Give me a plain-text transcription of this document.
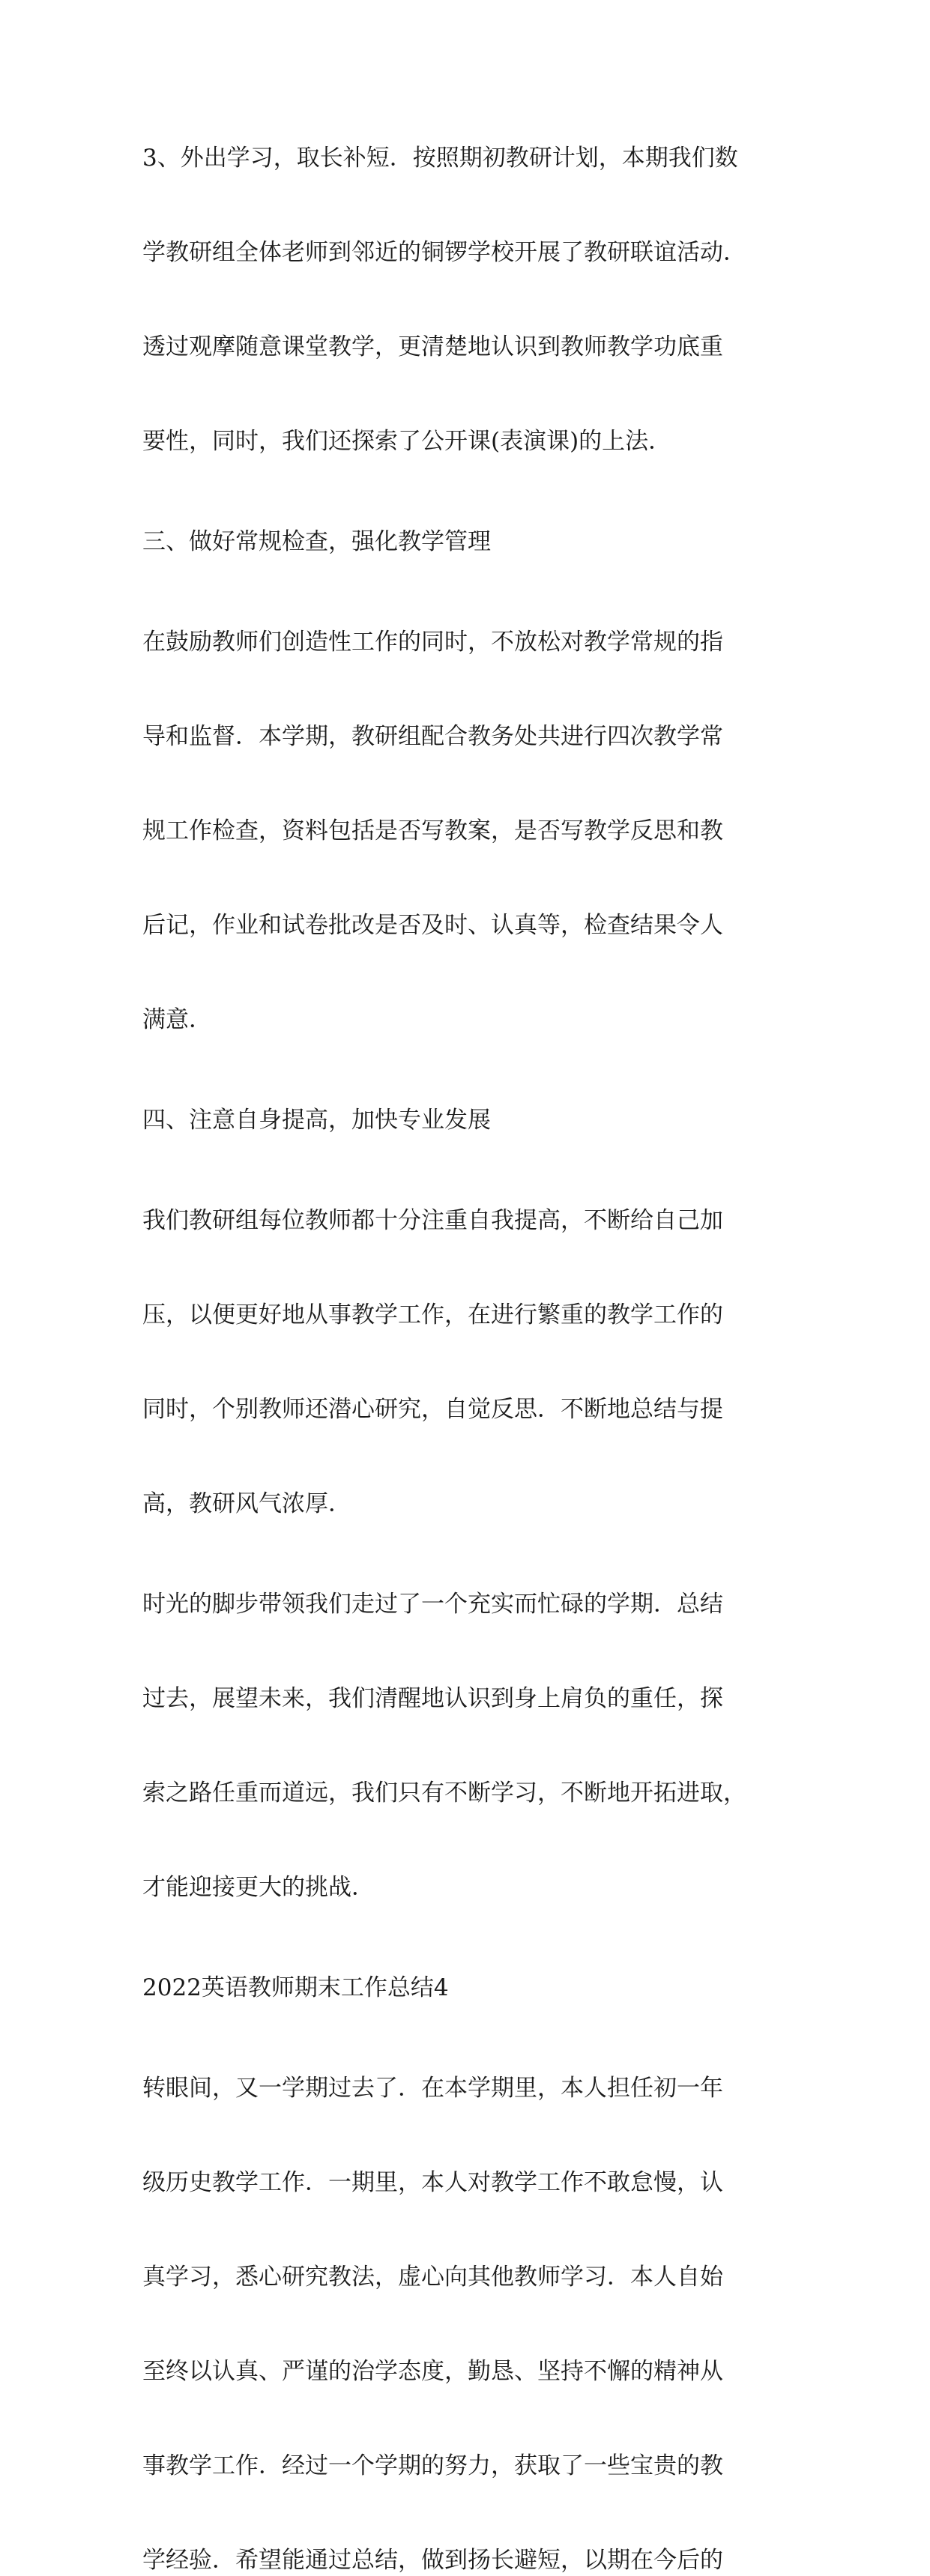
3、外出学习，取长补短．按照期初教研计划，本期我们数

学教研组全体老师到邻近的铜锣学校开展了教研联谊活动．

透过观摩随意课堂教学，更清楚地认识到教师教学功底重

要性，同时，我们还探索了公开课(表演课)的上法．

三、做好常规检查，强化教学管理

在鼓励教师们创造性工作的同时，不放松对教学常规的指

导和监督．本学期，教研组配合教务处共进行四次教学常

规工作检查，资料包括是否写教案，是否写教学反思和教

后记，作业和试卷批改是否及时、认真等，检查结果令人

满意．

四、注意自身提高，加快专业发展

我们教研组每位教师都十分注重自我提高，不断给自己加

压，以便更好地从事教学工作，在进行繁重的教学工作的

同时，个别教师还潜心研究，自觉反思．不断地总结与提

高，教研风气浓厚．

时光的脚步带领我们走过了一个充实而忙碌的学期．总结

过去，展望未来，我们清醒地认识到身上肩负的重任，探

索之路任重而道远，我们只有不断学习，不断地开拓进取，

才能迎接更大的挑战．

2022英语教师期末工作总结4

转眼间，又一学期过去了．在本学期里，本人担任初一年

级历史教学工作．一期里，本人对教学工作不敢怠慢，认

真学习，悉心研究教法，虚心向其他教师学习．本人自始

至终以认真、严谨的治学态度，勤恳、坚持不懈的精神从

事教学工作．经过一个学期的努力，获取了一些宝贵的教

学经验．希望能通过总结，做到扬长避短，以期在今后的
